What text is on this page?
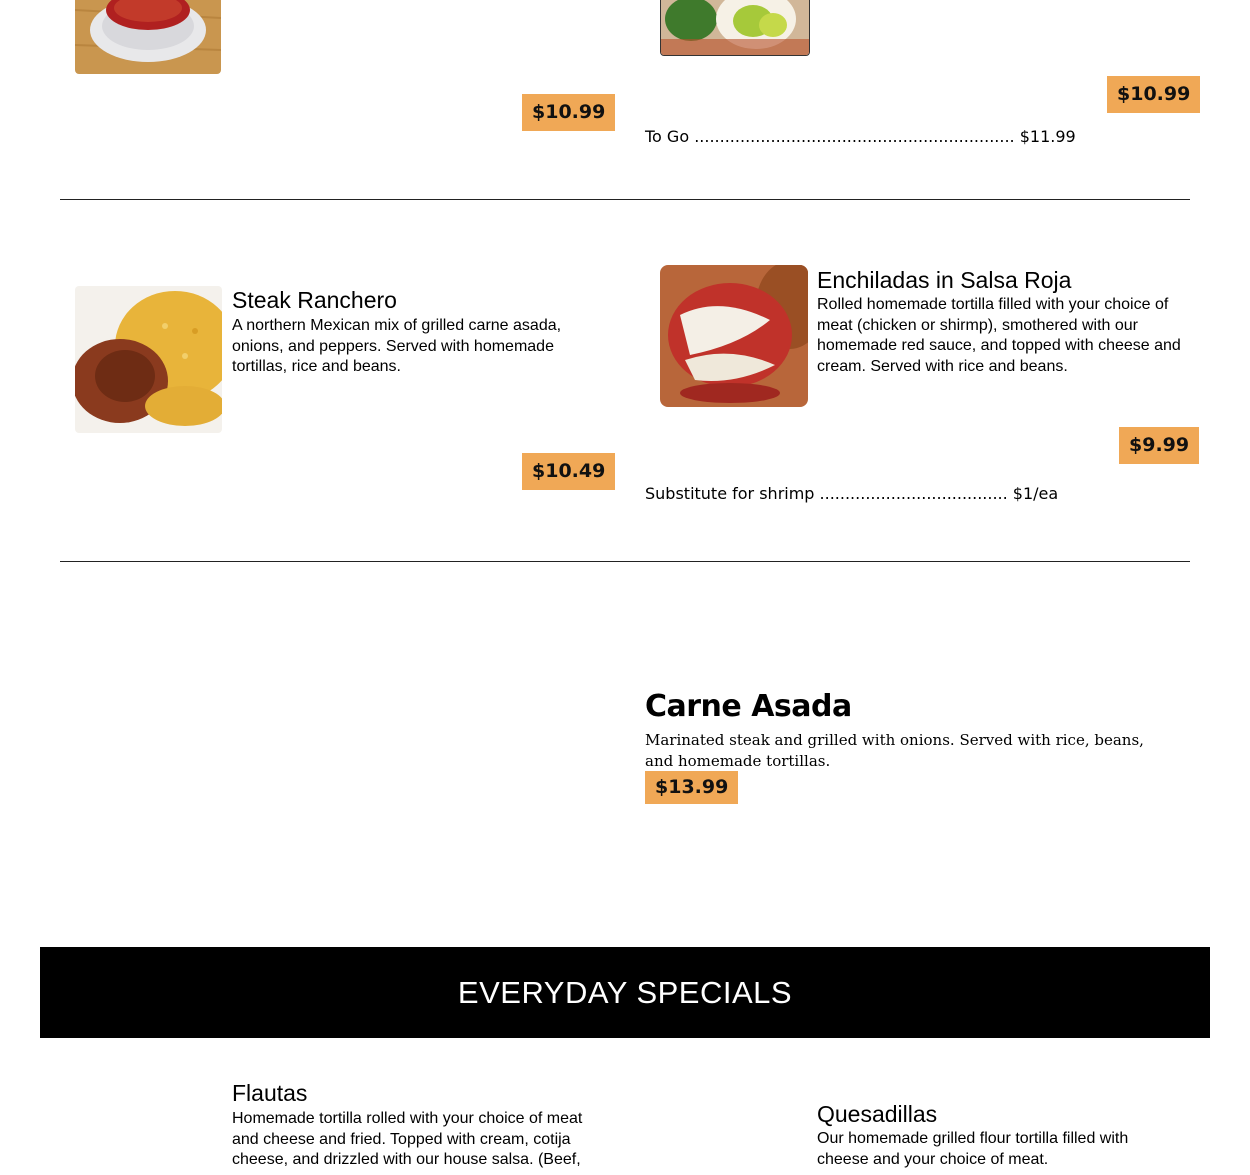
$10.99
$10.99
To Go ............................................................... $11.99
Steak Ranchero
A northern Mexican mix of grilled carne asada, onions, and peppers. Served with homemade tortillas, rice and beans.
$10.49
Enchiladas in Salsa Roja
Rolled homemade tortilla filled with your choice of meat (chicken or shirmp), smothered with our homemade red sauce, and topped with cheese and cream. Served with rice and beans.
$9.99
Substitute for shrimp ..................................... $1/ea
Carne Asada
Marinated steak and grilled with onions. Served with rice, beans, and homemade tortillas.
$13.99
EVERYDAY SPECIALS
Flautas
Homemade tortilla rolled with your choice of meat and cheese and fried. Topped with cream, cotija cheese, and drizzled with our house salsa. (Beef,
Quesadillas
Our homemade grilled flour tortilla filled with cheese and your choice of meat.
